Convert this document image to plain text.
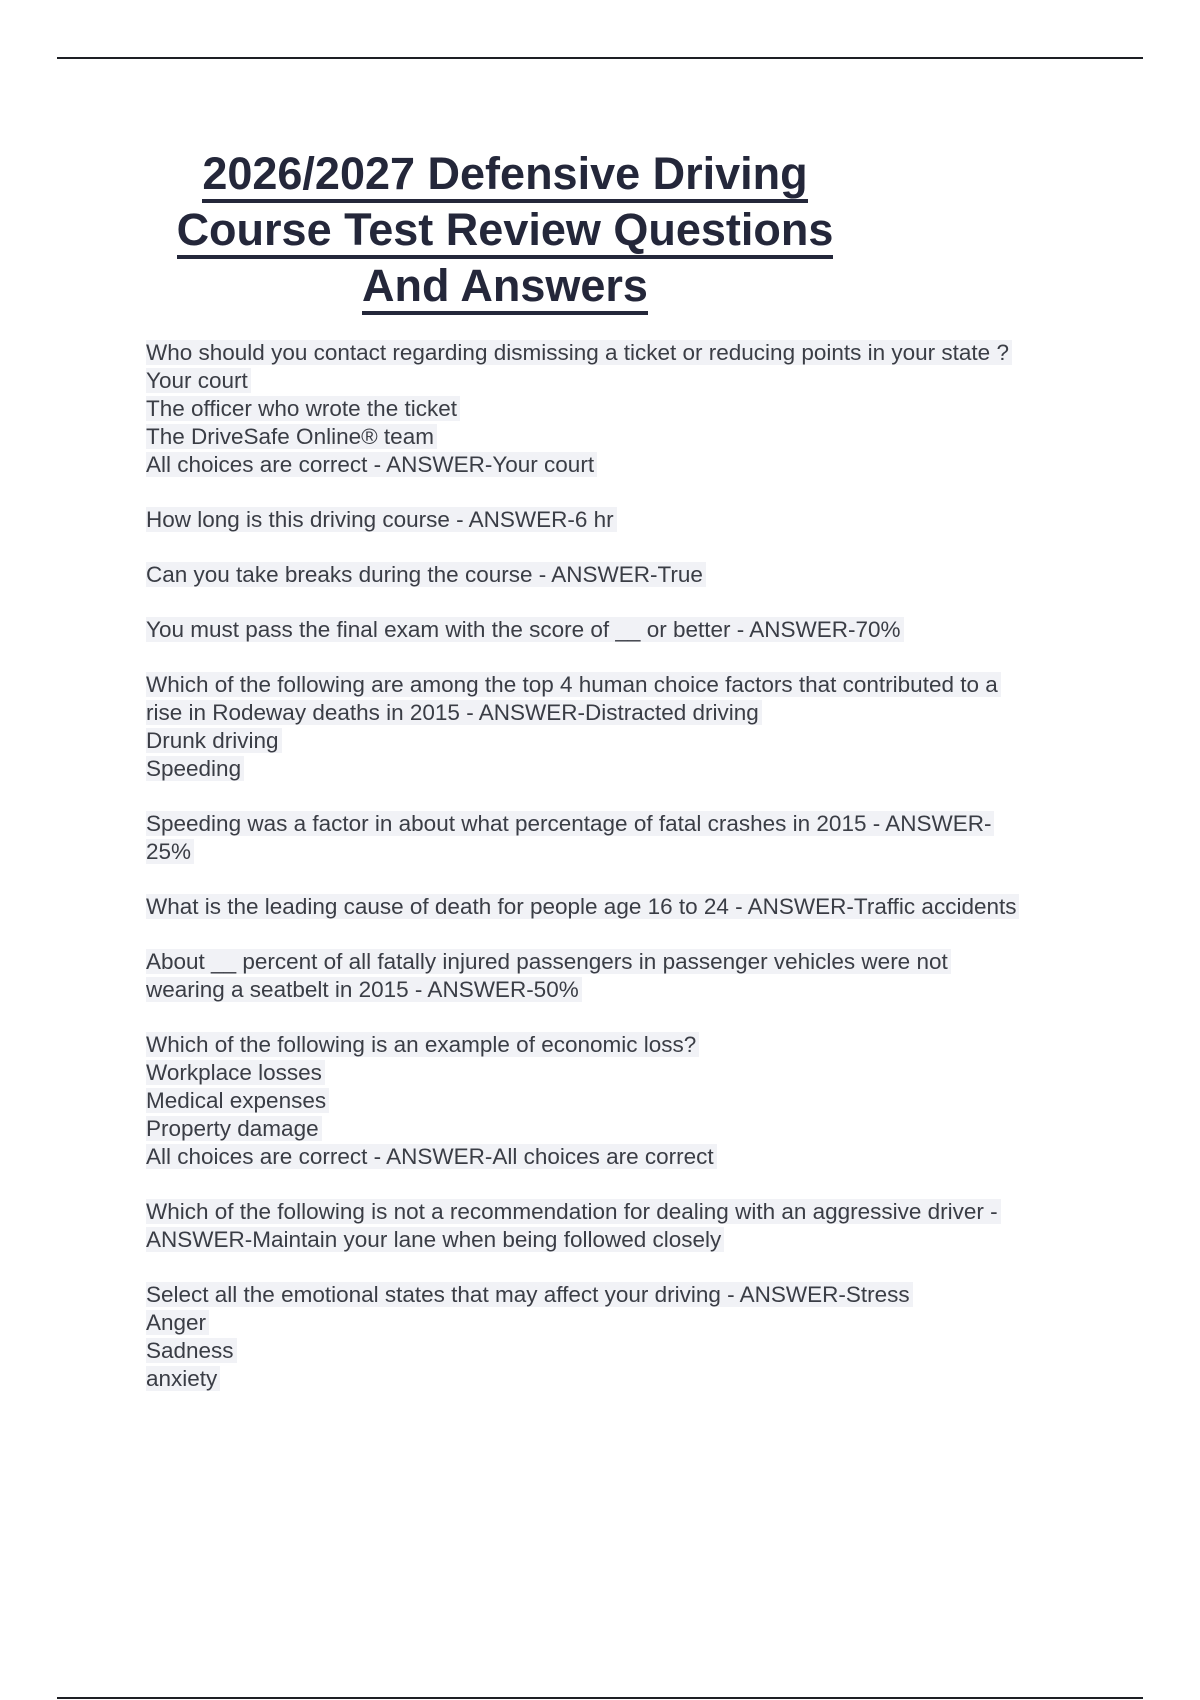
2026/2027 Defensive Driving
Course Test Review Questions
And Answers
Who should you contact regarding dismissing a ticket or reducing points in your state ?
Your court
The officer who wrote the ticket
The DriveSafe Online® team
All choices are correct - ANSWER-Your court
How long is this driving course - ANSWER-6 hr
Can you take breaks during the course - ANSWER-True
You must pass the final exam with the score of __ or better - ANSWER-70%
Which of the following are among the top 4 human choice factors that contributed to a
rise in Rodeway deaths in 2015 - ANSWER-Distracted driving
Drunk driving
Speeding
Speeding was a factor in about what percentage of fatal crashes in 2015 - ANSWER-
25%
What is the leading cause of death for people age 16 to 24 - ANSWER-Traffic accidents
About __ percent of all fatally injured passengers in passenger vehicles were not
wearing a seatbelt in 2015 - ANSWER-50%
Which of the following is an example of economic loss?
Workplace losses
Medical expenses
Property damage
All choices are correct - ANSWER-All choices are correct
Which of the following is not a recommendation for dealing with an aggressive driver -
ANSWER-Maintain your lane when being followed closely
Select all the emotional states that may affect your driving - ANSWER-Stress
Anger
Sadness
anxiety
